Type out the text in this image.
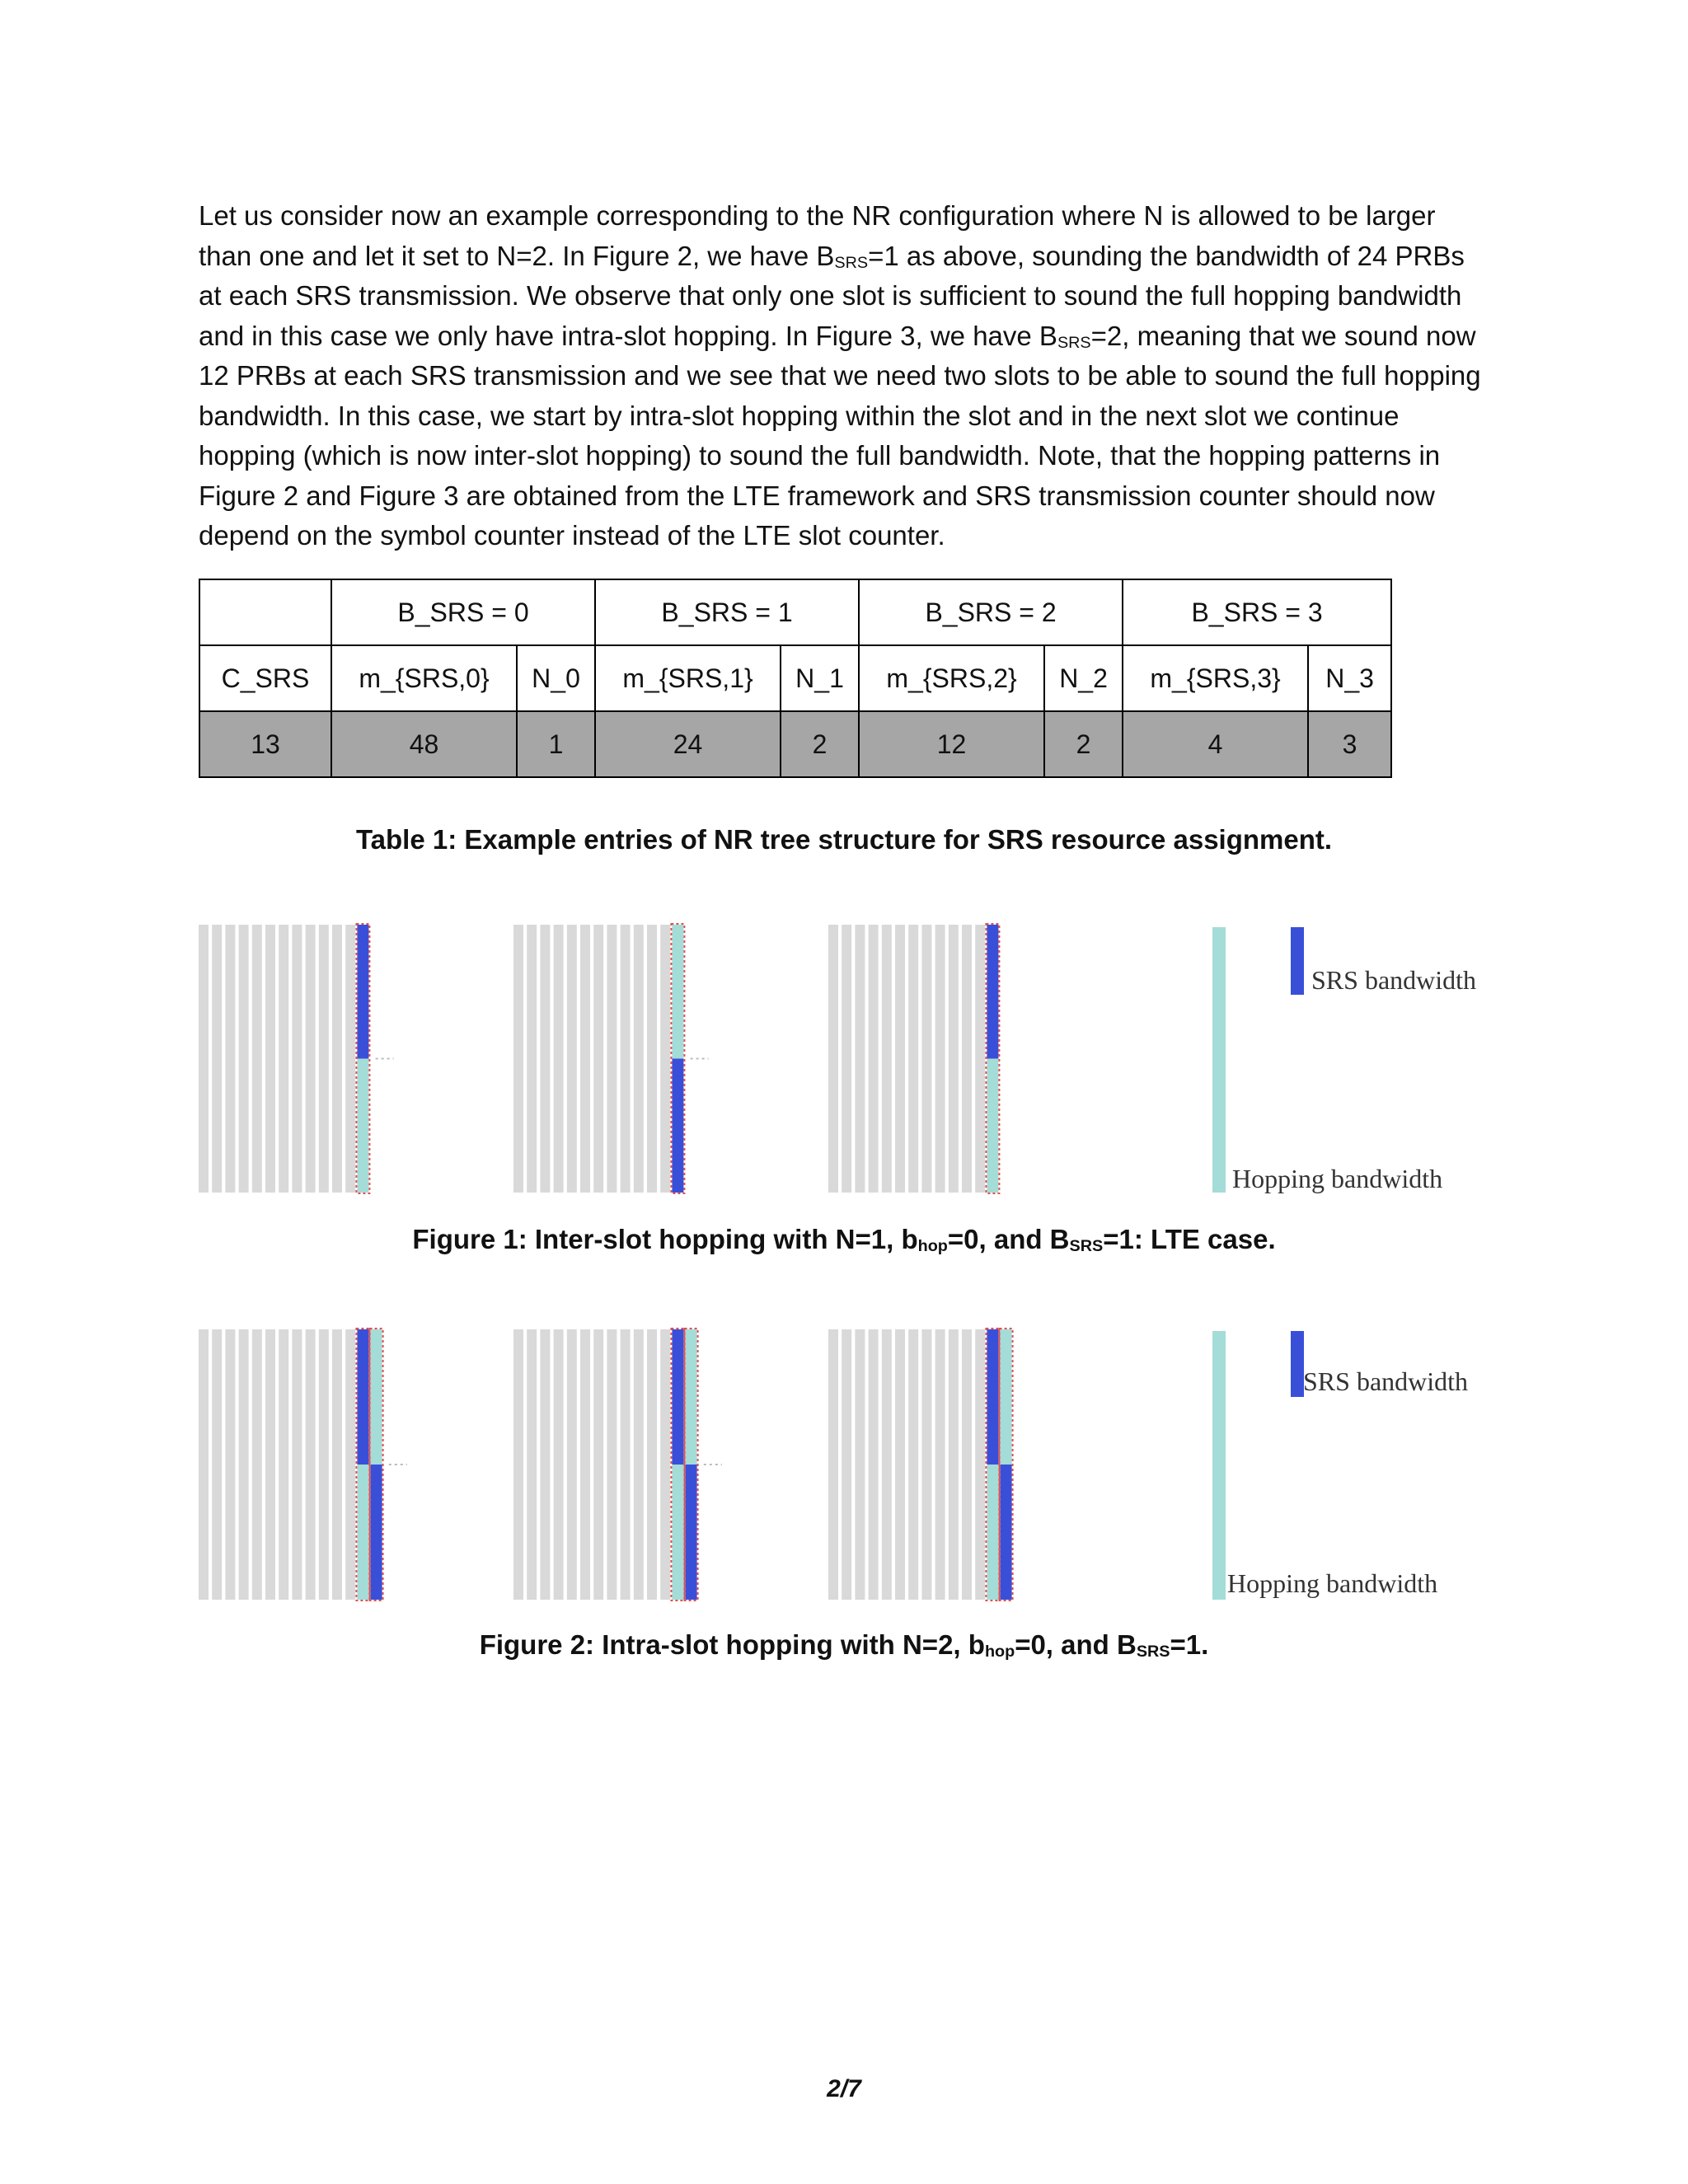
Let us consider now an example corresponding to the NR configuration where N is allowed to be larger than one and let it set to N=2. In Figure 2, we have $B_{SRS}=1$ as above, sounding the bandwidth of 24 PRBs at each SRS transmission. We observe that only one slot is sufficient to sound the full hopping bandwidth and in this case we only have intra-slot hopping. In Figure 3, we have $B_{SRS}=2$, meaning that we sound now 12 PRBs at each SRS transmission and we see that we need two slots to be able to sound the full hopping bandwidth. In this case, we start by intra-slot hopping within the slot and in the next slot we continue hopping (which is now inter-slot hopping) to sound the full bandwidth. Note, that the hopping patterns in Figure 2 and Figure 3 are obtained from the LTE framework and SRS transmission counter should now depend on the symbol counter instead of the LTE slot counter.

	B_SRS = 0		B_SRS = 1		B_SRS = 2		B_SRS = 3	
C_SRS	m_{SRS,0}	N_0	m_{SRS,1}	N_1	m_{SRS,2}	N_2	m_{SRS,3}	N_3
13	48	1	24	2	12	2	4	3

Table 1: Example entries of NR tree structure for SRS resource assignment.

SRS bandwidth
Hopping bandwidth

Figure 1: Inter-slot hopping with N=1, $b_{hop}=0$, and $B_{SRS}=1$: LTE case.

SRS bandwidth
Hopping bandwidth

Figure 2: Intra-slot hopping with N=2, $b_{hop}=0$, and $B_{SRS}=1$.

2/7
